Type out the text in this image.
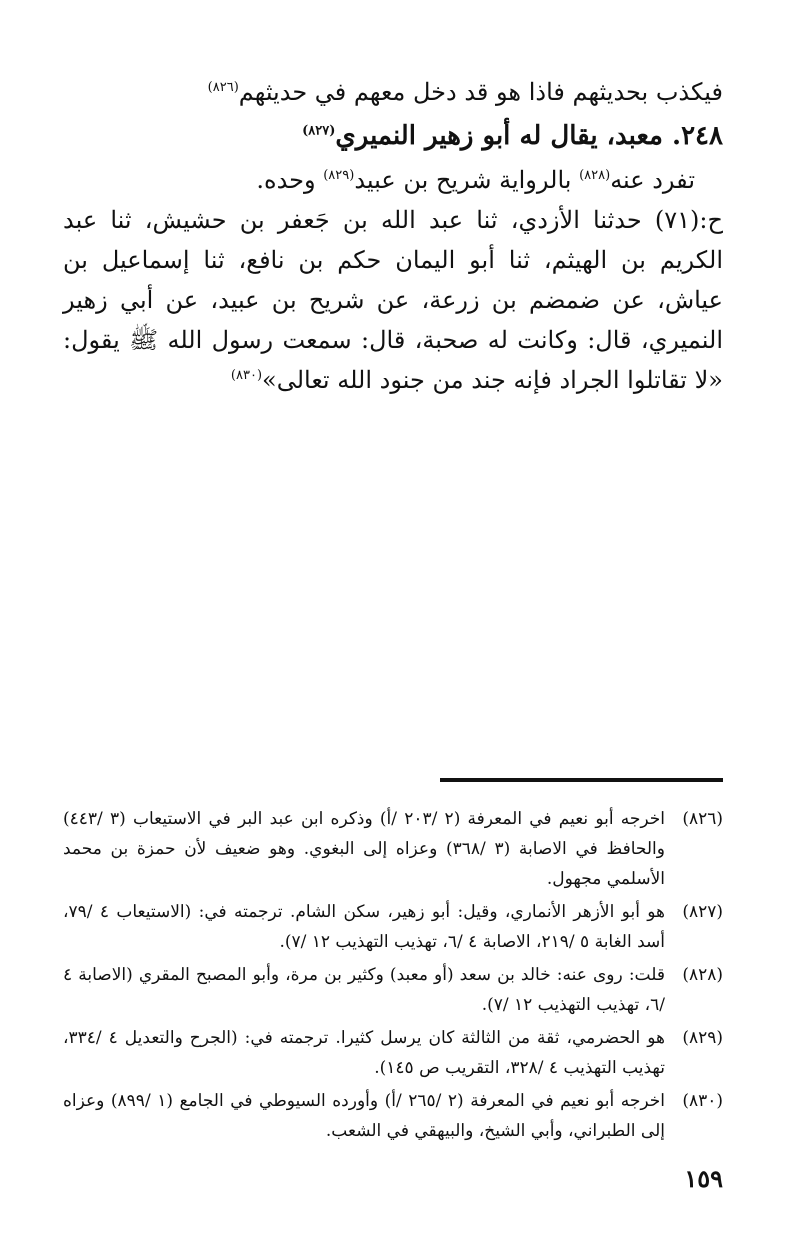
فيكذب بحديثهم فاذا هو قد دخل معهم في حديثهم$^{(٨٢٦)}$

٢٤٨. معبد، يقال له أبو زهير النميري$^{(٨٢٧)}$

تفرد عنه$^{(٨٢٨)}$ بالرواية شريح بن عبيد$^{(٨٢٩)}$ وحده.

ح:(٧١) حدثنا الأزدي، ثنا عبد الله بن جَعفر بن حشيش، ثنا عبد الكريم بن الهيثم، ثنا أبو اليمان حكم بن نافع، ثنا إسماعيل بن عياش، عن ضمضم بن زرعة، عن شريح بن عبيد، عن أبي زهير النميري، قال: وكانت له صحبة، قال: سمعت رسول الله ﷺ يقول: «لا تقاتلوا الجراد فإنه جند من جنود الله تعالى»$^{(٨٣٠)}$

(٨٢٦)
اخرجه أبو نعيم في المعرفة (٢ /٢٠٣ /أ) وذكره ابن عبد البر في الاستيعاب (٣ /٤٤٣) والحافظ في الاصابة (٣ /٣٦٨) وعزاه إلى البغوي. وهو ضعيف لأن حمزة بن محمد الأسلمي مجهول.
(٨٢٧)
هو أبو الأزهر الأنماري، وقيل: أبو زهير، سكن الشام. ترجمته في: (الاستيعاب ٤ /٧٩، أسد الغابة ٥ /٢١٩، الاصابة ٤ /٦، تهذيب التهذيب ١٢ /٧).
(٨٢٨)
قلت: روى عنه: خالد بن سعد (أو معبد) وكثير بن مرة، وأبو المصبح المقري (الاصابة ٤ /٦، تهذيب التهذيب ١٢ /٧).
(٨٢٩)
هو الحضرمي، ثقة من الثالثة كان يرسل كثيرا. ترجمته في: (الجرح والتعديل ٤ /٣٣٤، تهذيب التهذيب ٤ /٣٢٨، التقريب ص ١٤٥).
(٨٣٠)
اخرجه أبو نعيم في المعرفة (٢ /٢٦٥ /أ) وأورده السيوطي في الجامع (١ /٨٩٩) وعزاه إلى الطبراني، وأبي الشيخ، والبيهقي في الشعب.
١٥٩
